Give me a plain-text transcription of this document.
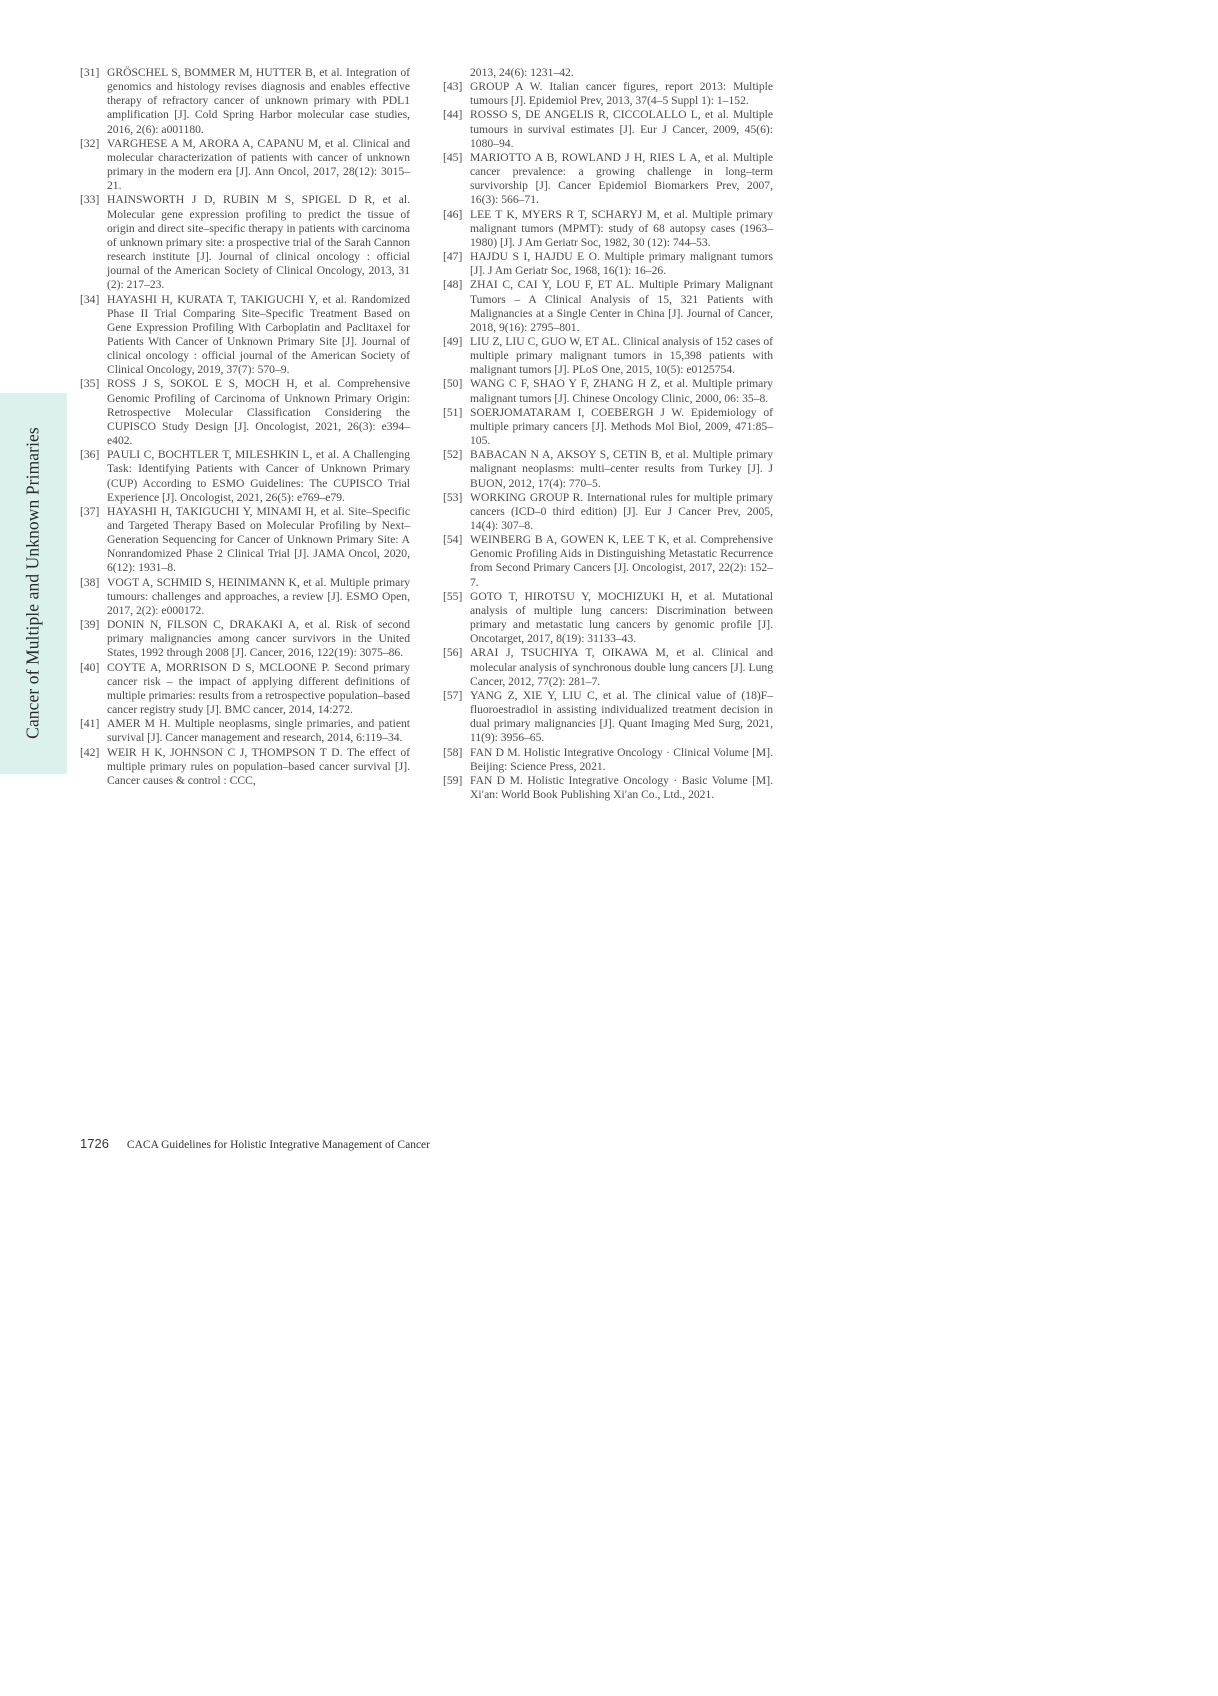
Cancer of Multiple and Unknown Primaries
[31] GRÖSCHEL S, BOMMER M, HUTTER B, et al. Integration of genomics and histology revises diagnosis and enables effective therapy of refractory cancer of unknown primary with PDL1 amplification [J]. Cold Spring Harbor molecular case studies, 2016, 2(6): a001180.
[32] VARGHESE A M, ARORA A, CAPANU M, et al. Clinical and molecular characterization of patients with cancer of unknown primary in the modern era [J]. Ann Oncol, 2017, 28(12): 3015–21.
[33] HAINSWORTH J D, RUBIN M S, SPIGEL D R, et al. Molecular gene expression profiling to predict the tissue of origin and direct site–specific therapy in patients with carcinoma of unknown primary site: a prospective trial of the Sarah Cannon research institute [J]. Journal of clinical oncology : official journal of the American Society of Clinical Oncology, 2013, 31 (2): 217–23.
[34] HAYASHI H, KURATA T, TAKIGUCHI Y, et al. Randomized Phase II Trial Comparing Site–Specific Treatment Based on Gene Expression Profiling With Carboplatin and Paclitaxel for Patients With Cancer of Unknown Primary Site [J]. Journal of clinical oncology : official journal of the American Society of Clinical Oncology, 2019, 37(7): 570–9.
[35] ROSS J S, SOKOL E S, MOCH H, et al. Comprehensive Genomic Profiling of Carcinoma of Unknown Primary Origin: Retrospective Molecular Classification Considering the CUPISCO Study Design [J]. Oncologist, 2021, 26(3): e394–e402.
[36] PAULI C, BOCHTLER T, MILESHKIN L, et al. A Challenging Task: Identifying Patients with Cancer of Unknown Primary (CUP) According to ESMO Guidelines: The CUPISCO Trial Experience [J]. Oncologist, 2021, 26(5): e769–e79.
[37] HAYASHI H, TAKIGUCHI Y, MINAMI H, et al. Site–Specific and Targeted Therapy Based on Molecular Profiling by Next–Generation Sequencing for Cancer of Unknown Primary Site: A Nonrandomized Phase 2 Clinical Trial [J]. JAMA Oncol, 2020, 6(12): 1931–8.
[38] VOGT A, SCHMID S, HEINIMANN K, et al. Multiple primary tumours: challenges and approaches, a review [J]. ESMO Open, 2017, 2(2): e000172.
[39] DONIN N, FILSON C, DRAKAKI A, et al. Risk of second primary malignancies among cancer survivors in the United States, 1992 through 2008 [J]. Cancer, 2016, 122(19): 3075–86.
[40] COYTE A, MORRISON D S, MCLOONE P. Second primary cancer risk – the impact of applying different definitions of multiple primaries: results from a retrospective population–based cancer registry study [J]. BMC cancer, 2014, 14:272.
[41] AMER M H. Multiple neoplasms, single primaries, and patient survival [J]. Cancer management and research, 2014, 6:119–34.
[42] WEIR H K, JOHNSON C J, THOMPSON T D. The effect of multiple primary rules on population–based cancer survival [J]. Cancer causes & control : CCC,
2013, 24(6): 1231–42.
[43] GROUP A W. Italian cancer figures, report 2013: Multiple tumours [J]. Epidemiol Prev, 2013, 37(4–5 Suppl 1): 1–152.
[44] ROSSO S, DE ANGELIS R, CICCOLALLO L, et al. Multiple tumours in survival estimates [J]. Eur J Cancer, 2009, 45(6): 1080–94.
[45] MARIOTTO A B, ROWLAND J H, RIES L A, et al. Multiple cancer prevalence: a growing challenge in long–term survivorship [J]. Cancer Epidemiol Biomarkers Prev, 2007, 16(3): 566–71.
[46] LEE T K, MYERS R T, SCHARYJ M, et al. Multiple primary malignant tumors (MPMT): study of 68 autopsy cases (1963–1980) [J]. J Am Geriatr Soc, 1982, 30 (12): 744–53.
[47] HAJDU S I, HAJDU E O. Multiple primary malignant tumors [J]. J Am Geriatr Soc, 1968, 16(1): 16–26.
[48] ZHAI C, CAI Y, LOU F, ET AL. Multiple Primary Malignant Tumors – A Clinical Analysis of 15, 321 Patients with Malignancies at a Single Center in China [J]. Journal of Cancer, 2018, 9(16): 2795–801.
[49] LIU Z, LIU C, GUO W, ET AL. Clinical analysis of 152 cases of multiple primary malignant tumors in 15,398 patients with malignant tumors [J]. PLoS One, 2015, 10(5): e0125754.
[50] WANG C F, SHAO Y F, ZHANG H Z, et al. Multiple primary malignant tumors [J]. Chinese Oncology Clinic, 2000, 06: 35–8.
[51] SOERJOMATARAM I, COEBERGH J W. Epidemiology of multiple primary cancers [J]. Methods Mol Biol, 2009, 471:85–105.
[52] BABACAN N A, AKSOY S, CETIN B, et al. Multiple primary malignant neoplasms: multi–center results from Turkey [J]. J BUON, 2012, 17(4): 770–5.
[53] WORKING GROUP R. International rules for multiple primary cancers (ICD–0 third edition) [J]. Eur J Cancer Prev, 2005, 14(4): 307–8.
[54] WEINBERG B A, GOWEN K, LEE T K, et al. Comprehensive Genomic Profiling Aids in Distinguishing Metastatic Recurrence from Second Primary Cancers [J]. Oncologist, 2017, 22(2): 152–7.
[55] GOTO T, HIROTSU Y, MOCHIZUKI H, et al. Mutational analysis of multiple lung cancers: Discrimination between primary and metastatic lung cancers by genomic profile [J]. Oncotarget, 2017, 8(19): 31133–43.
[56] ARAI J, TSUCHIYA T, OIKAWA M, et al. Clinical and molecular analysis of synchronous double lung cancers [J]. Lung Cancer, 2012, 77(2): 281–7.
[57] YANG Z, XIE Y, LIU C, et al. The clinical value of (18)F–fluoroestradiol in assisting individualized treatment decision in dual primary malignancies [J]. Quant Imaging Med Surg, 2021, 11(9): 3956–65.
[58] FAN D M. Holistic Integrative Oncology · Clinical Volume [M]. Beijing: Science Press, 2021.
[59] FAN D M. Holistic Integrative Oncology · Basic Volume [M]. Xi′an: World Book Publishing Xi′an Co., Ltd., 2021.
1726 CACA Guidelines for Holistic Integrative Management of Cancer
